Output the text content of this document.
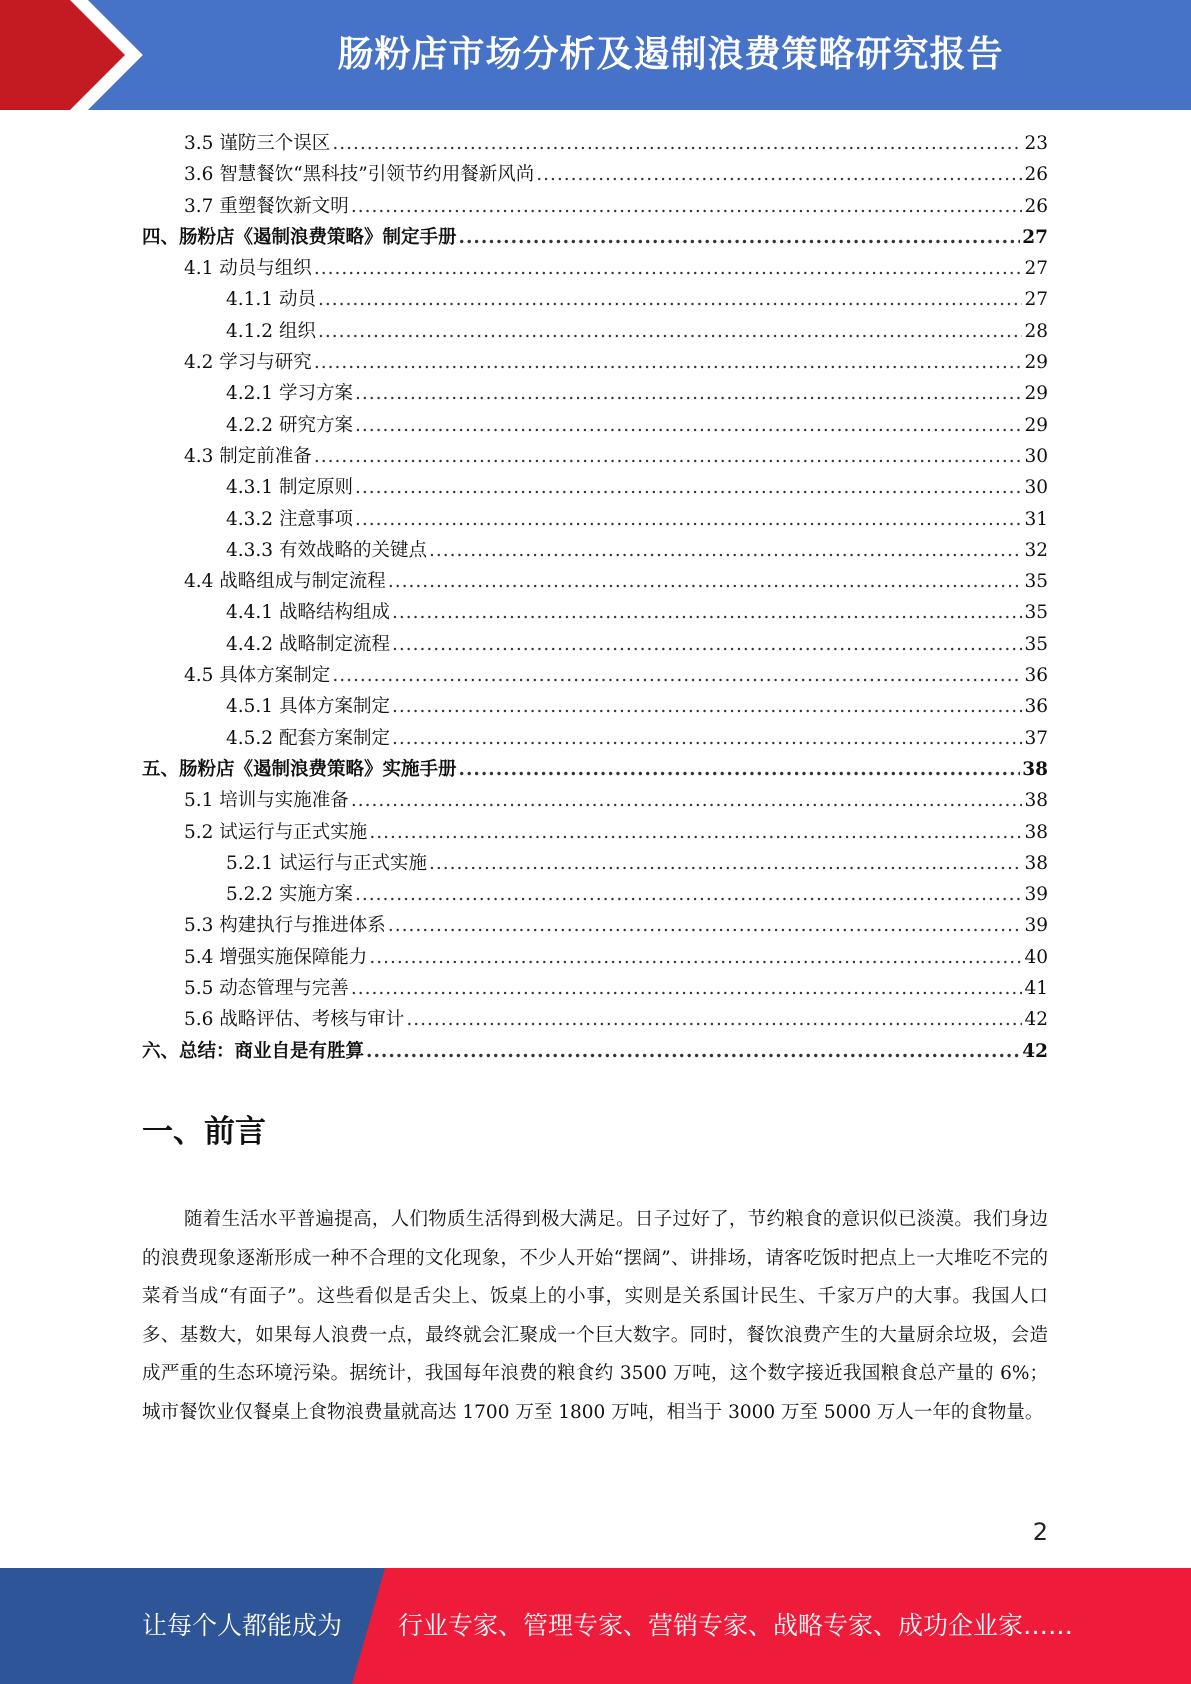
肠粉店市场分析及遏制浪费策略研究报告
3.5 谨防三个误区 .....	23
3.6 智慧餐饮“黑科技”引领节约用餐新风尚 .....	26
3.7 重塑餐饮新文明 .....	26
四、肠粉店《遏制浪费策略》制定手册 .....	27
4.1 动员与组织 .....	27
4.1.1 动员 .....	27
4.1.2 组织 .....	28
4.2 学习与研究 .....	29
4.2.1 学习方案 .....	29
4.2.2 研究方案 .....	29
4.3 制定前准备 .....	30
4.3.1 制定原则 .....	30
4.3.2 注意事项 .....	31
4.3.3 有效战略的关键点 .....	32
4.4 战略组成与制定流程 .....	35
4.4.1 战略结构组成 .....	35
4.4.2 战略制定流程 .....	35
4.5 具体方案制定 .....	36
4.5.1 具体方案制定 .....	36
4.5.2 配套方案制定 .....	37
五、肠粉店《遏制浪费策略》实施手册 .....	38
5.1 培训与实施准备 .....	38
5.2 试运行与正式实施 .....	38
5.2.1 试运行与正式实施 .....	38
5.2.2 实施方案 .....	39
5.3 构建执行与推进体系 .....	39
5.4 增强实施保障能力 .....	40
5.5 动态管理与完善 .....	41
5.6 战略评估、考核与审计 .....	42
六、总结：商业自是有胜算 .....	42
一、前言
随着生活水平普遍提高，人们物质生活得到极大满足。日子过好了，节约粮食的意识似已淡漠。我们身边的浪费现象逐渐形成一种不合理的文化现象，不少人开始“摆阔”、讲排场，请客吃饭时把点上一大堆吃不完的菜肴当成“有面子”。这些看似是舌尖上、饭桌上的小事，实则是关系国计民生、千家万户的大事。我国人口多、基数大，如果每人浪费一点，最终就会汇聚成一个巨大数字。同时，餐饮浪费产生的大量厨余垃圾，会造成严重的生态环境污染。据统计，我国每年浪费的粮食约 3500 万吨，这个数字接近我国粮食总产量的 6%；城市餐饮业仅餐桌上食物浪费量就高达 1700 万至 1800 万吨，相当于 3000 万至 5000 万人一年的食物量。
2
让每个人都能成为 行业专家、管理专家、营销专家、战略专家、成功企业家……
